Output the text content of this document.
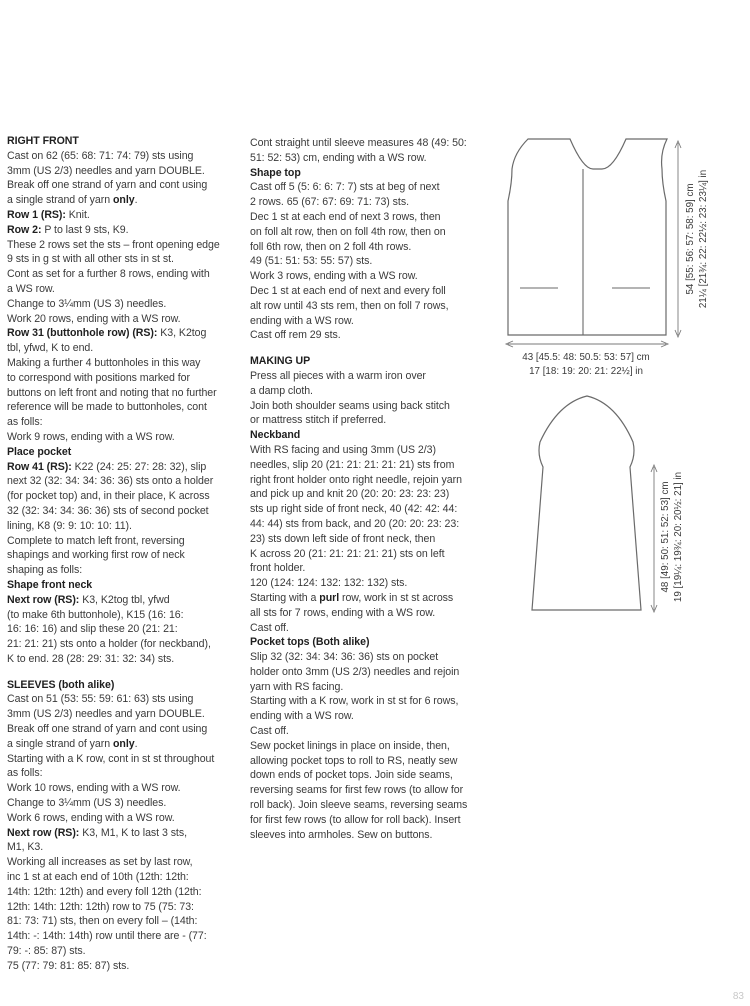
RIGHT FRONT
Cast on 62 (65: 68: 71: 74: 79) sts using
3mm (US 2/3) needles and yarn DOUBLE.
Break off one strand of yarn and cont using
a single strand of yarn only.
Row 1 (RS): Knit.
Row 2: P to last 9 sts, K9.
These 2 rows set the sts – front opening edge
9 sts in g st with all other sts in st st.
Cont as set for a further 8 rows, ending with
a WS row.
Change to 3¼mm (US 3) needles.
Work 20 rows, ending with a WS row.
Row 31 (buttonhole row) (RS): K3, K2tog
tbl, yfwd, K to end.
Making a further 4 buttonholes in this way
to correspond with positions marked for
buttons on left front and noting that no further
reference will be made to buttonholes, cont
as folls:
Work 9 rows, ending with a WS row.
Place pocket
Row 41 (RS): K22 (24: 25: 27: 28: 32), slip
next 32 (32: 34: 34: 36: 36) sts onto a holder
(for pocket top) and, in their place, K across
32 (32: 34: 34: 36: 36) sts of second pocket
lining, K8 (9: 9: 10: 10: 11).
Complete to match left front, reversing
shapings and working first row of neck
shaping as folls:
Shape front neck
Next row (RS): K3, K2tog tbl, yfwd
(to make 6th buttonhole), K15 (16: 16:
16: 16: 16) and slip these 20 (21: 21:
21: 21: 21) sts onto a holder (for neckband),
K to end. 28 (28: 29: 31: 32: 34) sts.
SLEEVES (both alike)
Cast on 51 (53: 55: 59: 61: 63) sts using
3mm (US 2/3) needles and yarn DOUBLE.
Break off one strand of yarn and cont using
a single strand of yarn only.
Starting with a K row, cont in st st throughout
as folls:
Work 10 rows, ending with a WS row.
Change to 3¼mm (US 3) needles.
Work 6 rows, ending with a WS row.
Next row (RS): K3, M1, K to last 3 sts,
M1, K3.
Working all increases as set by last row,
inc 1 st at each end of 10th (12th: 12th:
14th: 12th: 12th) and every foll 12th (12th:
12th: 14th: 12th: 12th) row to 75 (75: 73:
81: 73: 71) sts, then on every foll – (14th:
14th: -: 14th: 14th) row until there are - (77:
79: -: 85: 87) sts.
75 (77: 79: 81: 85: 87) sts.
Cont straight until sleeve measures 48 (49: 50:
51: 52: 53) cm, ending with a WS row.
Shape top
Cast off 5 (5: 6: 6: 7: 7) sts at beg of next
2 rows. 65 (67: 67: 69: 71: 73) sts.
Dec 1 st at each end of next 3 rows, then
on foll alt row, then on foll 4th row, then on
foll 6th row, then on 2 foll 4th rows.
49 (51: 51: 53: 55: 57) sts.
Work 3 rows, ending with a WS row.
Dec 1 st at each end of next and every foll
alt row until 43 sts rem, then on foll 7 rows,
ending with a WS row.
Cast off rem 29 sts.
MAKING UP
Press all pieces with a warm iron over
a damp cloth.
Join both shoulder seams using back stitch
or mattress stitch if preferred.
Neckband
With RS facing and using 3mm (US 2/3)
needles, slip 20 (21: 21: 21: 21: 21) sts from
right front holder onto right needle, rejoin yarn
and pick up and knit 20 (20: 20: 23: 23: 23)
sts up right side of front neck, 40 (42: 42: 44:
44: 44) sts from back, and 20 (20: 20: 23: 23:
23) sts down left side of front neck, then
K across 20 (21: 21: 21: 21: 21) sts on left
front holder.
120 (124: 124: 132: 132: 132) sts.
Starting with a purl row, work in st st across
all sts for 7 rows, ending with a WS row.
Cast off.
Pocket tops (Both alike)
Slip 32 (32: 34: 34: 36: 36) sts on pocket
holder onto 3mm (US 2/3) needles and rejoin
yarn with RS facing.
Starting with a K row, work in st st for 6 rows,
ending with a WS row.
Cast off.
Sew pocket linings in place on inside, then,
allowing pocket tops to roll to RS, neatly sew
down ends of pocket tops. Join side seams,
reversing seams for first few rows (to allow for
roll back). Join sleeve seams, reversing seams
for first few rows (to allow for roll back). Insert
sleeves into armholes. Sew on buttons.
54 [55: 56: 57: 58: 59] cm 21¼ [21¾: 22: 22½: 23: 23¼] in
43 [45.5: 48: 50.5: 53: 57] cm
17 [18: 19: 20: 21: 22½] in
48 [49: 50: 51: 52: 53] cm 19 [19¼: 19¾: 20: 20½: 21] in
83
